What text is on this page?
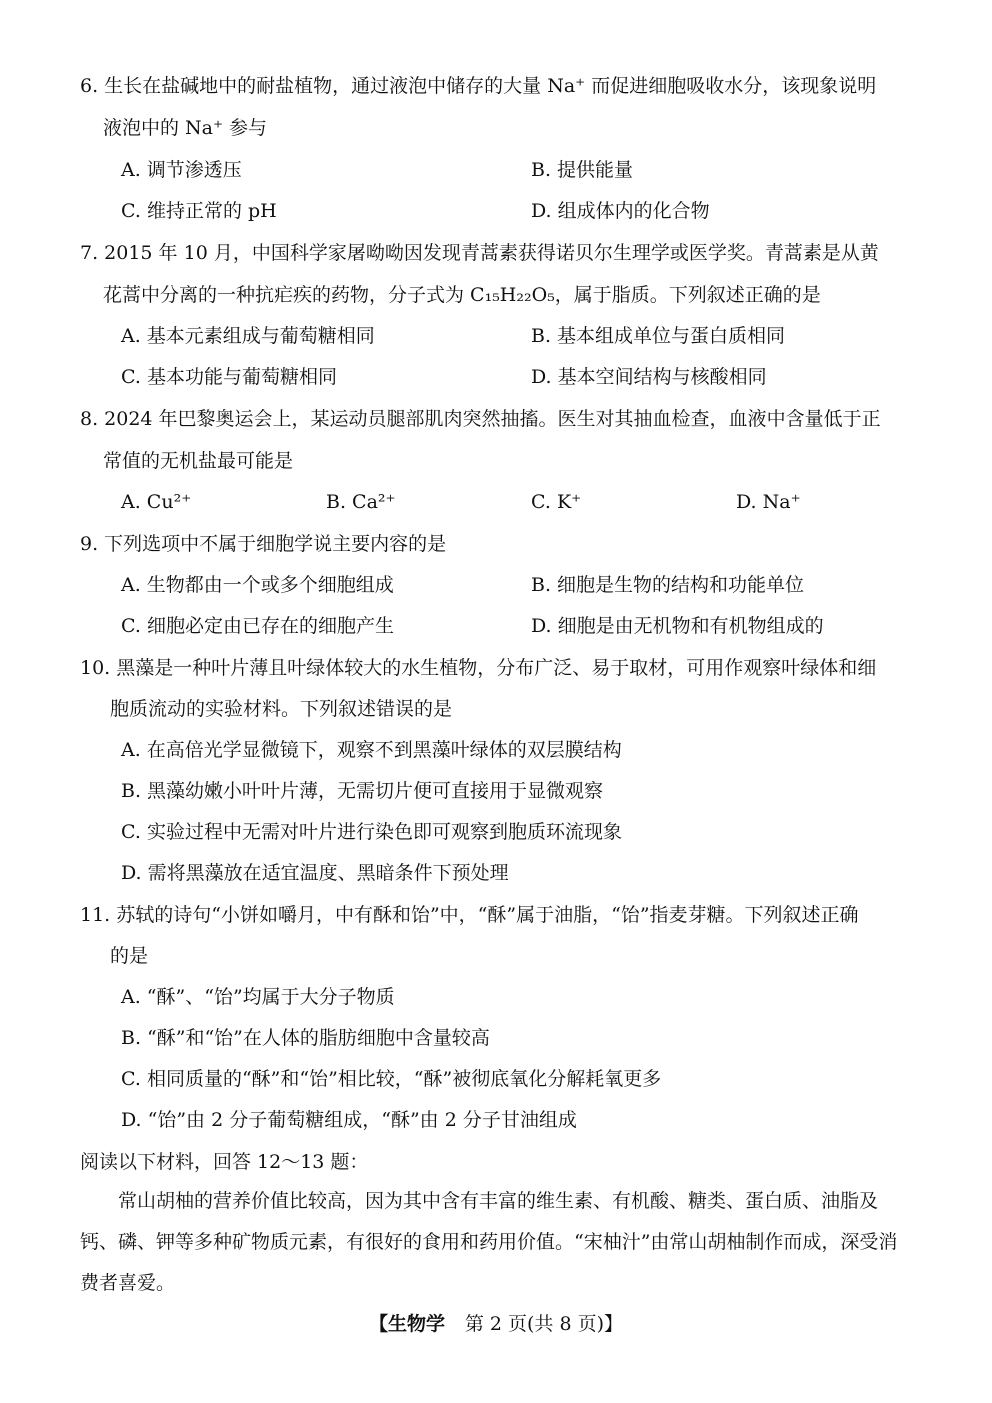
6. 生长在盐碱地中的耐盐植物，通过液泡中储存的大量 Na⁺ 而促进细胞吸收水分，该现象说明
液泡中的 Na⁺ 参与
A. 调节渗透压	B. 提供能量
C. 维持正常的 pH	D. 组成体内的化合物
7. 2015 年 10 月，中国科学家屠呦呦因发现青蒿素获得诺贝尔生理学或医学奖。青蒿素是从黄
花蒿中分离的一种抗疟疾的药物，分子式为 C₁₅H₂₂O₅，属于脂质。下列叙述正确的是
A. 基本元素组成与葡萄糖相同	B. 基本组成单位与蛋白质相同
C. 基本功能与葡萄糖相同	D. 基本空间结构与核酸相同
8. 2024 年巴黎奥运会上，某运动员腿部肌肉突然抽搐。医生对其抽血检查，血液中含量低于正
常值的无机盐最可能是
A. Cu²⁺	B. Ca²⁺	C. K⁺	D. Na⁺
9. 下列选项中不属于细胞学说主要内容的是
A. 生物都由一个或多个细胞组成	B. 细胞是生物的结构和功能单位
C. 细胞必定由已存在的细胞产生	D. 细胞是由无机物和有机物组成的
10. 黑藻是一种叶片薄且叶绿体较大的水生植物，分布广泛、易于取材，可用作观察叶绿体和细
胞质流动的实验材料。下列叙述错误的是
A. 在高倍光学显微镜下，观察不到黑藻叶绿体的双层膜结构
B. 黑藻幼嫩小叶叶片薄，无需切片便可直接用于显微观察
C. 实验过程中无需对叶片进行染色即可观察到胞质环流现象
D. 需将黑藻放在适宜温度、黑暗条件下预处理
11. 苏轼的诗句“小饼如嚼月，中有酥和饴”中，“酥”属于油脂，“饴”指麦芽糖。下列叙述正确
的是
A. “酥”、“饴”均属于大分子物质
B. “酥”和“饴”在人体的脂肪细胞中含量较高
C. 相同质量的“酥”和“饴”相比较，“酥”被彻底氧化分解耗氧更多
D. “饴”由 2 分子葡萄糖组成，“酥”由 2 分子甘油组成
阅读以下材料，回答 12～13 题：
常山胡柚的营养价值比较高，因为其中含有丰富的维生素、有机酸、糖类、蛋白质、油脂及钙、磷、钾等多种矿物质元素，有很好的食用和药用价值。“宋柚汁”由常山胡柚制作而成，深受消费者喜爱。
【生物学 第 2 页(共 8 页)】
